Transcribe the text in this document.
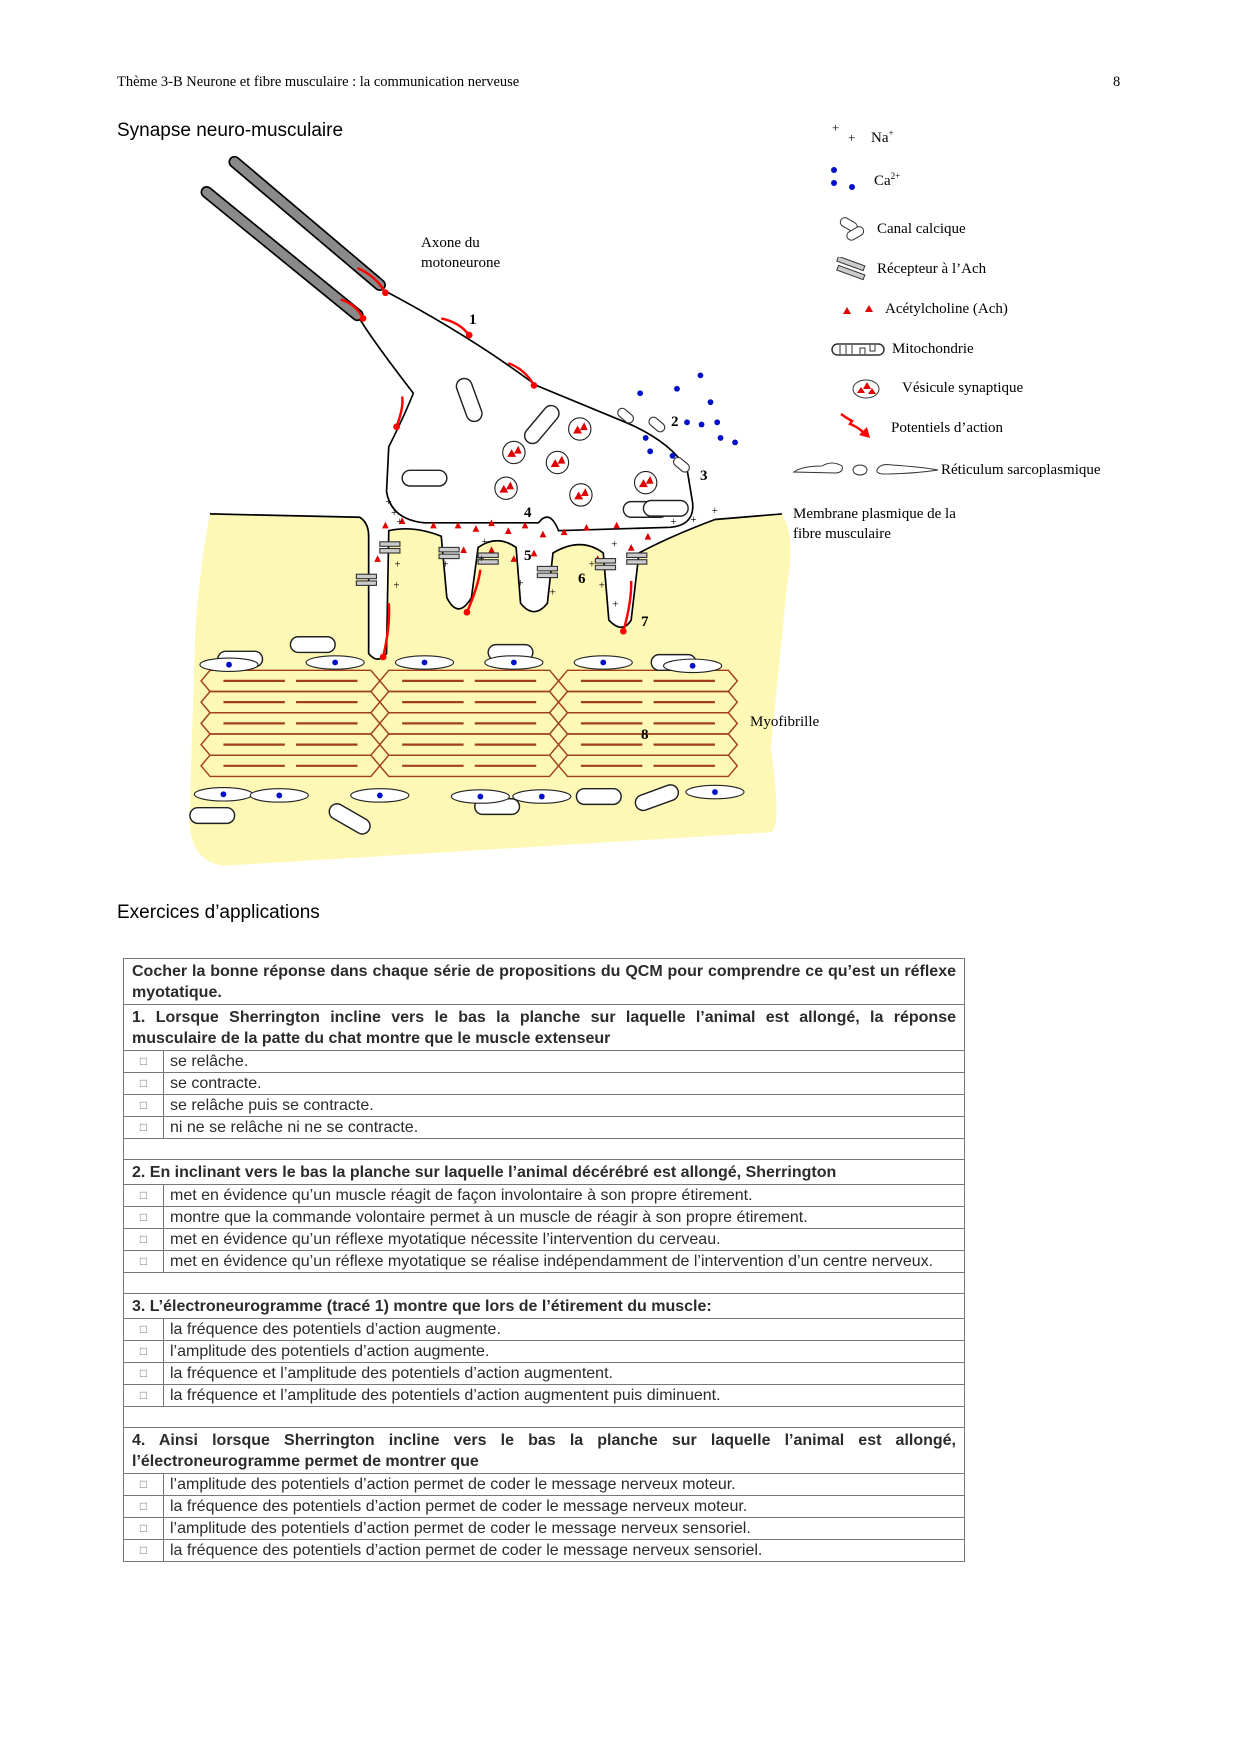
Thème 3-B Neurone et fibre musculaire : la communication nerveuse	8
Synapse neuro-musculaire
+
+
+
+
+
+
+
+
+
+
+
+
+
+
+
+
+
Axone du
motoneurone
1
2
3
4
5
6
7
8
Myofibrille
Membrane plasmique de la
fibre musculaire
+
+ Na+
$Ca^{2+}$
Canal calcique
Récepteur à l’Ach
Acétylcholine (Ach)
Mitochondrie
Vésicule synaptique
Potentiels d’action
Réticulum sarcoplasmique
Exercices d’applications
Cocher la bonne réponse dans chaque série de propositions du QCM pour comprendre ce qu’est un réflexe myotatique.	
1. Lorsque Sherrington incline vers le bas la planche sur laquelle l’animal est allongé, la réponse musculaire de la patte du chat montre que le muscle extenseur	
□	se relâche.
□	se contracte.
□	se relâche puis se contracte.
□	ni ne se relâche ni ne se contracte.

2. En inclinant vers le bas la planche sur laquelle l’animal décérébré est allongé, Sherrington	
□	met en évidence qu’un muscle réagit de façon involontaire à son propre étirement.
□	montre que la commande volontaire permet à un muscle de réagir à son propre étirement.
□	met en évidence qu’un réflexe myotatique nécessite l’intervention du cerveau.
□	met en évidence qu’un réflexe myotatique se réalise indépendamment de l’intervention d’un centre nerveux.

3. L’électroneurogramme (tracé 1) montre que lors de l’étirement du muscle:	
□	la fréquence des potentiels d’action augmente.
□	l’amplitude des potentiels d’action augmente.
□	la fréquence et l’amplitude des potentiels d’action augmentent.
□	la fréquence et l’amplitude des potentiels d’action augmentent puis diminuent.

4. Ainsi lorsque Sherrington incline vers le bas la planche sur laquelle l’animal est allongé, l’électroneurogramme permet de montrer que	
□	l’amplitude des potentiels d’action permet de coder le message nerveux moteur.
□	la fréquence des potentiels d’action permet de coder le message nerveux moteur.
□	l’amplitude des potentiels d’action permet de coder le message nerveux sensoriel.
□	la fréquence des potentiels d’action permet de coder le message nerveux sensoriel.
